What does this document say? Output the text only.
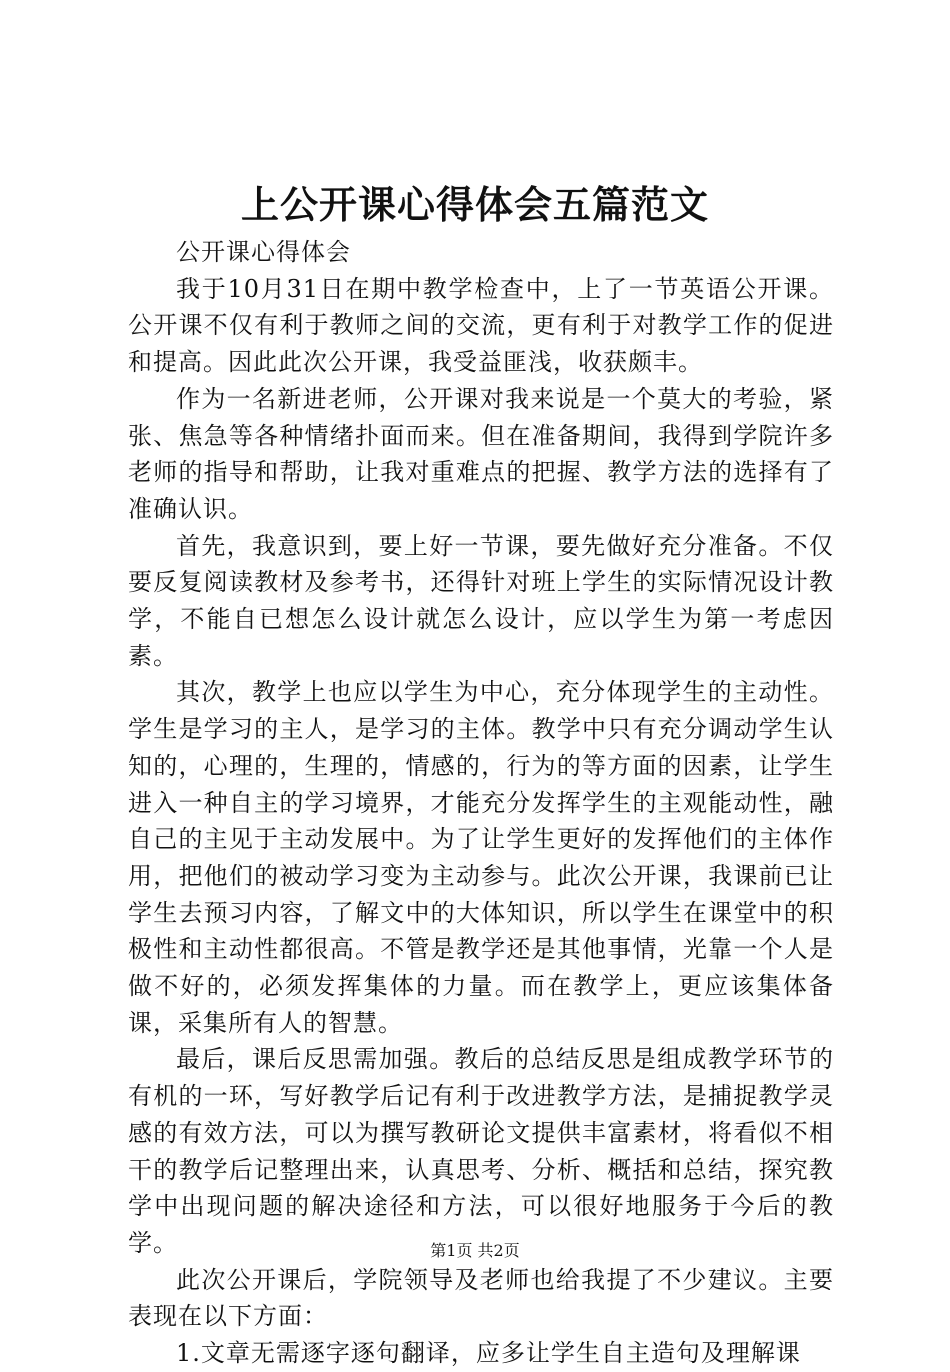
上公开课心得体会五篇范文

公开课心得体会

我于10月31日在期中教学检查中，上了一节英语公开课。公开课不仅有利于教师之间的交流，更有利于对教学工作的促进和提高。因此此次公开课，我受益匪浅，收获颇丰。

作为一名新进老师，公开课对我来说是一个莫大的考验，紧张、焦急等各种情绪扑面而来。但在准备期间，我得到学院许多老师的指导和帮助，让我对重难点的把握、教学方法的选择有了准确认识。

首先，我意识到，要上好一节课，要先做好充分准备。不仅要反复阅读教材及参考书，还得针对班上学生的实际情况设计教学，不能自已想怎么设计就怎么设计，应以学生为第一考虑因素。

其次，教学上也应以学生为中心，充分体现学生的主动性。学生是学习的主人，是学习的主体。教学中只有充分调动学生认知的，心理的，生理的，情感的，行为的等方面的因素，让学生进入一种自主的学习境界，才能充分发挥学生的主观能动性，融自己的主见于主动发展中。为了让学生更好的发挥他们的主体作用，把他们的被动学习变为主动参与。此次公开课，我课前已让学生去预习内容，了解文中的大体知识，所以学生在课堂中的积极性和主动性都很高。不管是教学还是其他事情，光靠一个人是做不好的，必须发挥集体的力量。而在教学上，更应该集体备课，采集所有人的智慧。

最后，课后反思需加强。教后的总结反思是组成教学环节的有机的一环，写好教学后记有利于改进教学方法，是捕捉教学灵感的有效方法，可以为撰写教研论文提供丰富素材，将看似不相干的教学后记整理出来，认真思考、分析、概括和总结，探究教学中出现问题的解决途径和方法，可以很好地服务于今后的教学。

此次公开课后，学院领导及老师也给我提了不少建议。主要表现在以下方面：

1.文章无需逐字逐句翻译，应多让学生自主造句及理解课

第1页 共2页
